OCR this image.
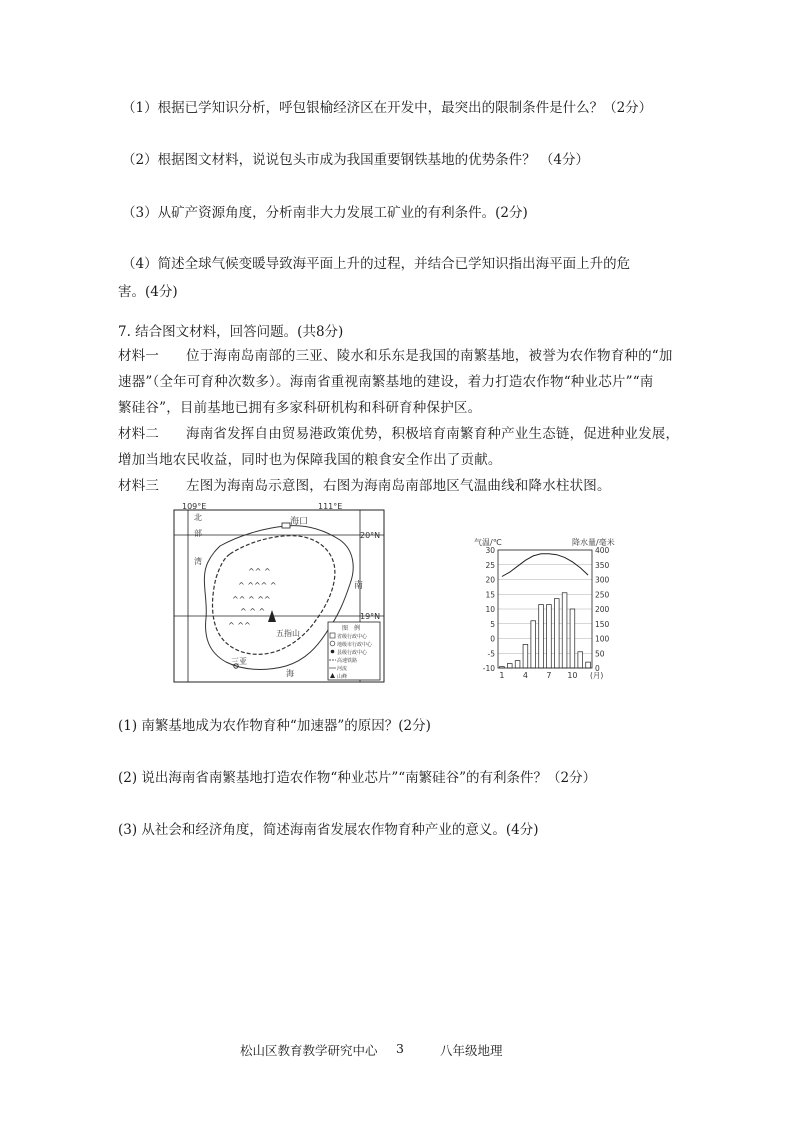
（1）根据已学知识分析，呼包银榆经济区在开发中，最突出的限制条件是什么？（2分）
（2）根据图文材料，说说包头市成为我国重要钢铁基地的优势条件？ （4分）
（3）从矿产资源角度，分析南非大力发展工矿业的有利条件。(2分)
（4）简述全球气候变暖导致海平面上升的过程，并结合已学知识指出海平面上升的危
害。(4分)
7. 结合图文材料，回答问题。(共8分)
材料一 位于海南岛南部的三亚、陵水和乐东是我国的南繁基地，被誉为农作物育种的“加
速器”（全年可育种次数多）。海南省重视南繁基地的建设，着力打造农作物“种业芯片”“南
繁硅谷”，目前基地已拥有多家科研机构和科研育种保护区。
材料二 海南省发挥自由贸易港政策优势，积极培育南繁育种产业生态链，促进种业发展，
增加当地农民收益，同时也为保障我国的粮食安全作出了贡献。
材料三 左图为海南岛示意图，右图为海南岛南部地区气温曲线和降水柱状图。
109°E	111°E
20°N
19°N
海口
五指山
^^ ^
^ ^^^ ^
^^ ^ ^^
^ ^ ^
^ ^^
三亚
北
部
湾
南
海
图　例
省级行政中心
地级市行政中心
县级行政中心
高速铁路
河流
山峰
气温/℃	降水量/毫米
30
25
20
15
10
5
0
-5
-10
400
350
300
250
200
150
100
50
0
1 4 7 10 (月)
(1) 南繁基地成为农作物育种“加速器”的原因？(2分)
(2) 说出海南省南繁基地打造农作物“种业芯片”“南繁硅谷”的有利条件？（2分）
(3) 从社会和经济角度，简述海南省发展农作物育种产业的意义。(4分)
松山区教育教学研究中心 3	八年级地理
